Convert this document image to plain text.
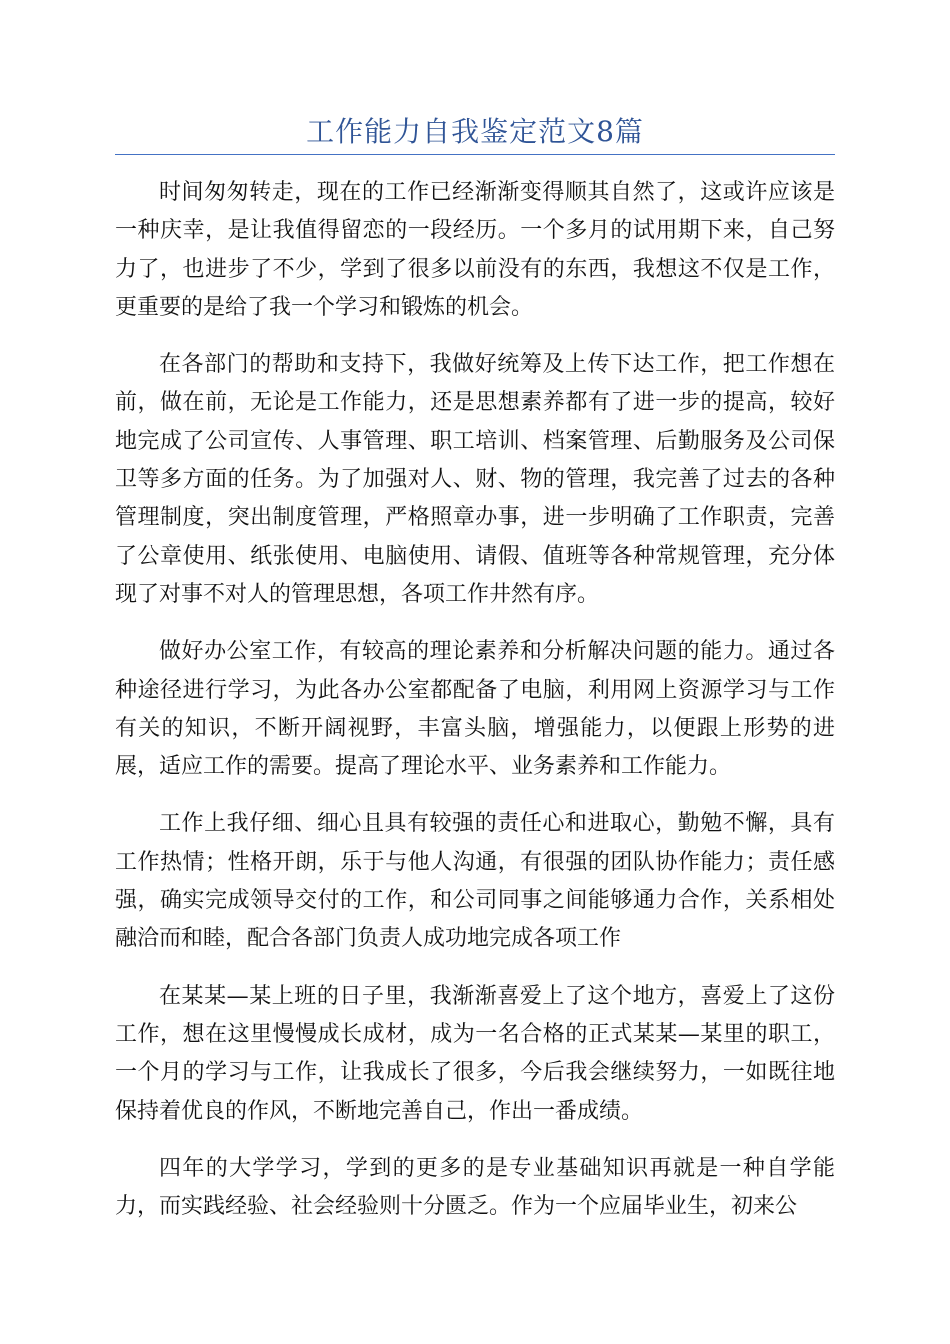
工作能力自我鉴定范文8篇

时间匆匆转走，现在的工作已经渐渐变得顺其自然了，这或许应该是一种庆幸，是让我值得留恋的一段经历。一个多月的试用期下来，自己努力了，也进步了不少，学到了很多以前没有的东西，我想这不仅是工作，更重要的是给了我一个学习和锻炼的机会。

在各部门的帮助和支持下，我做好统筹及上传下达工作，把工作想在前，做在前，无论是工作能力，还是思想素养都有了进一步的提高，较好地完成了公司宣传、人事管理、职工培训、档案管理、后勤服务及公司保卫等多方面的任务。为了加强对人、财、物的管理，我完善了过去的各种管理制度，突出制度管理，严格照章办事，进一步明确了工作职责，完善了公章使用、纸张使用、电脑使用、请假、值班等各种常规管理，充分体现了对事不对人的管理思想，各项工作井然有序。

做好办公室工作，有较高的理论素养和分析解决问题的能力。通过各种途径进行学习，为此各办公室都配备了电脑，利用网上资源学习与工作有关的知识，不断开阔视野，丰富头脑，增强能力，以便跟上形势的进展，适应工作的需要。提高了理论水平、业务素养和工作能力。

工作上我仔细、细心且具有较强的责任心和进取心，勤勉不懈，具有工作热情；性格开朗，乐于与他人沟通，有很强的团队协作能力；责任感强，确实完成领导交付的工作，和公司同事之间能够通力合作，关系相处融洽而和睦，配合各部门负责人成功地完成各项工作

在某某—某上班的日子里，我渐渐喜爱上了这个地方，喜爱上了这份工作，想在这里慢慢成长成材，成为一名合格的正式某某—某里的职工，一个月的学习与工作，让我成长了很多，今后我会继续努力，一如既往地保持着优良的作风，不断地完善自己，作出一番成绩。

四年的大学学习，学到的更多的是专业基础知识再就是一种自学能力，而实践经验、社会经验则十分匮乏。作为一个应届毕业生，初来公
